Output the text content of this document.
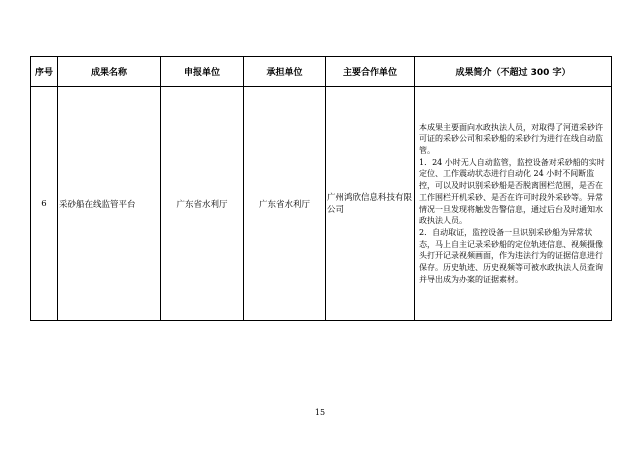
序号	成果名称	申报单位	承担单位	主要合作单位	成果简介（不超过 300 字）
6	采砂船在线监管平台	广东省水利厅	广东省水利厅	广州鸿欣信息科技有限公司	本成果主要面向水政执法人员，对取得了河道采砂许可证的采砂公司和采砂船的采砂行为进行在线自动监管。

1．24 小时无人自动监管，监控设备对采砂船的实时定位、工作震动状态进行自动化 24 小时不间断监控，可以及时识别采砂船是否脱离围栏范围，是否在工作围栏开机采砂、是否在许可时段外采砂等。异常情况一旦发现将触发告警信息，通过后台及时通知水政执法人员。

2．自动取证，监控设备一旦识别采砂船为异常状态，马上自主记录采砂船的定位轨迹信息、视频摄像头打开记录视频画面，作为违法行为的证据信息进行保存。历史轨迹、历史视频等可被水政执法人员查询并导出成为办案的证据素材。

15
